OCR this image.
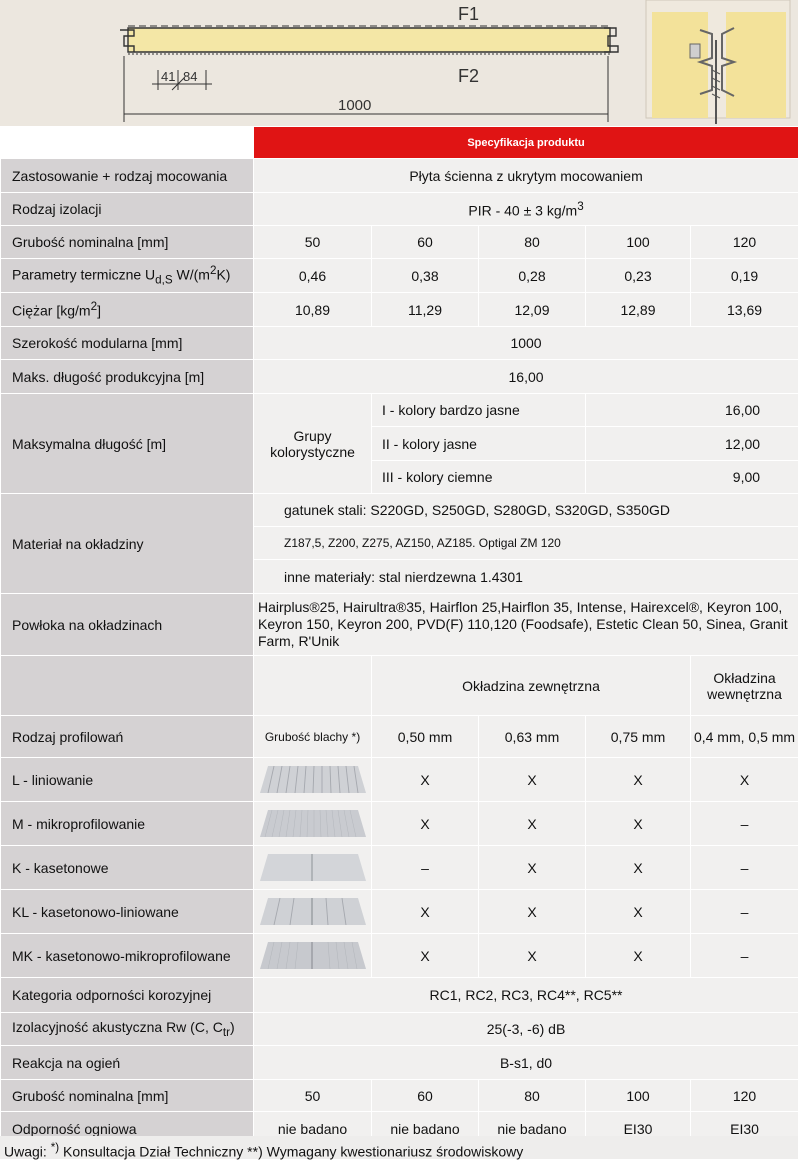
F1
F2
41 84
1000
	Specyfikacja produktu				
Zastosowanie + rodzaj mocowania	Płyta ścienna z ukrytym mocowaniem				
Rodzaj izolacji	PIR - 40 ± 3 $kg/m^3$
Grubość nominalna [mm]	50	60	80	100	120
Parametry termiczne $U_{d,S}$ $W/(m^2K)$	0,46	0,38	0,28	0,23	0,19
Ciężar $[kg/m^2]$	10,89	11,29	12,09	12,89	13,69
Szerokość modularna [mm]	1000				
Maks. długość produkcyjna [m]	16,00				
Maksymalna długość [m]	Grupy kolorystyczne	I - kolory bardzo jasne		16,00	
		II - kolory jasne		12,00	
		III - kolory ciemne		9,00	
Materiał na okładziny	gatunek stali: S220GD, S250GD, S280GD, S320GD, S350GD				
	Z187,5, Z200, Z275, AZ150, AZ185. Optigal ZM 120				
	inne materiały: stal nierdzewna 1.4301				
Powłoka na okładzinach	Hairplus®25, Hairultra®35, Hairflon 25,Hairflon 35, Intense, Hairexcel®, Keyron 100, Keyron 150, Keyron 200, PVD(F) 110,120 (Foodsafe), Estetic Clean 50, Sinea, Granit Farm, R'Unik				
		Okładzina zewnętrzna			Okładzina wewnętrzna
Rodzaj profilowań	Grubość blachy *)	0,50 mm	0,63 mm	0,75 mm	0,4 mm, 0,5 mm
L - liniowanie		X	X	X	X
M - mikroprofilowanie		X	X	X	–
K - kasetonowe		–	X	X	–
KL - kasetonowo-liniowane		X	X	X	–
MK - kasetonowo-mikroprofilowane		X	X	X	–
Kategoria odporności korozyjnej	RC1, RC2, RC3, RC4**, RC5**				
Izolacyjność akustyczna Rw (C, $C_{tr}$)	25(-3, -6) dB				
Reakcja na ogień	B-s1, d0				
Grubość nominalna [mm]	50	60	80	100	120
Odporność ogniowa	nie badano	nie badano	nie badano	EI30	EI30
Uwagi: *) Konsultacja Dział Techniczny **) Wymagany kwestionariusz środowiskowy
